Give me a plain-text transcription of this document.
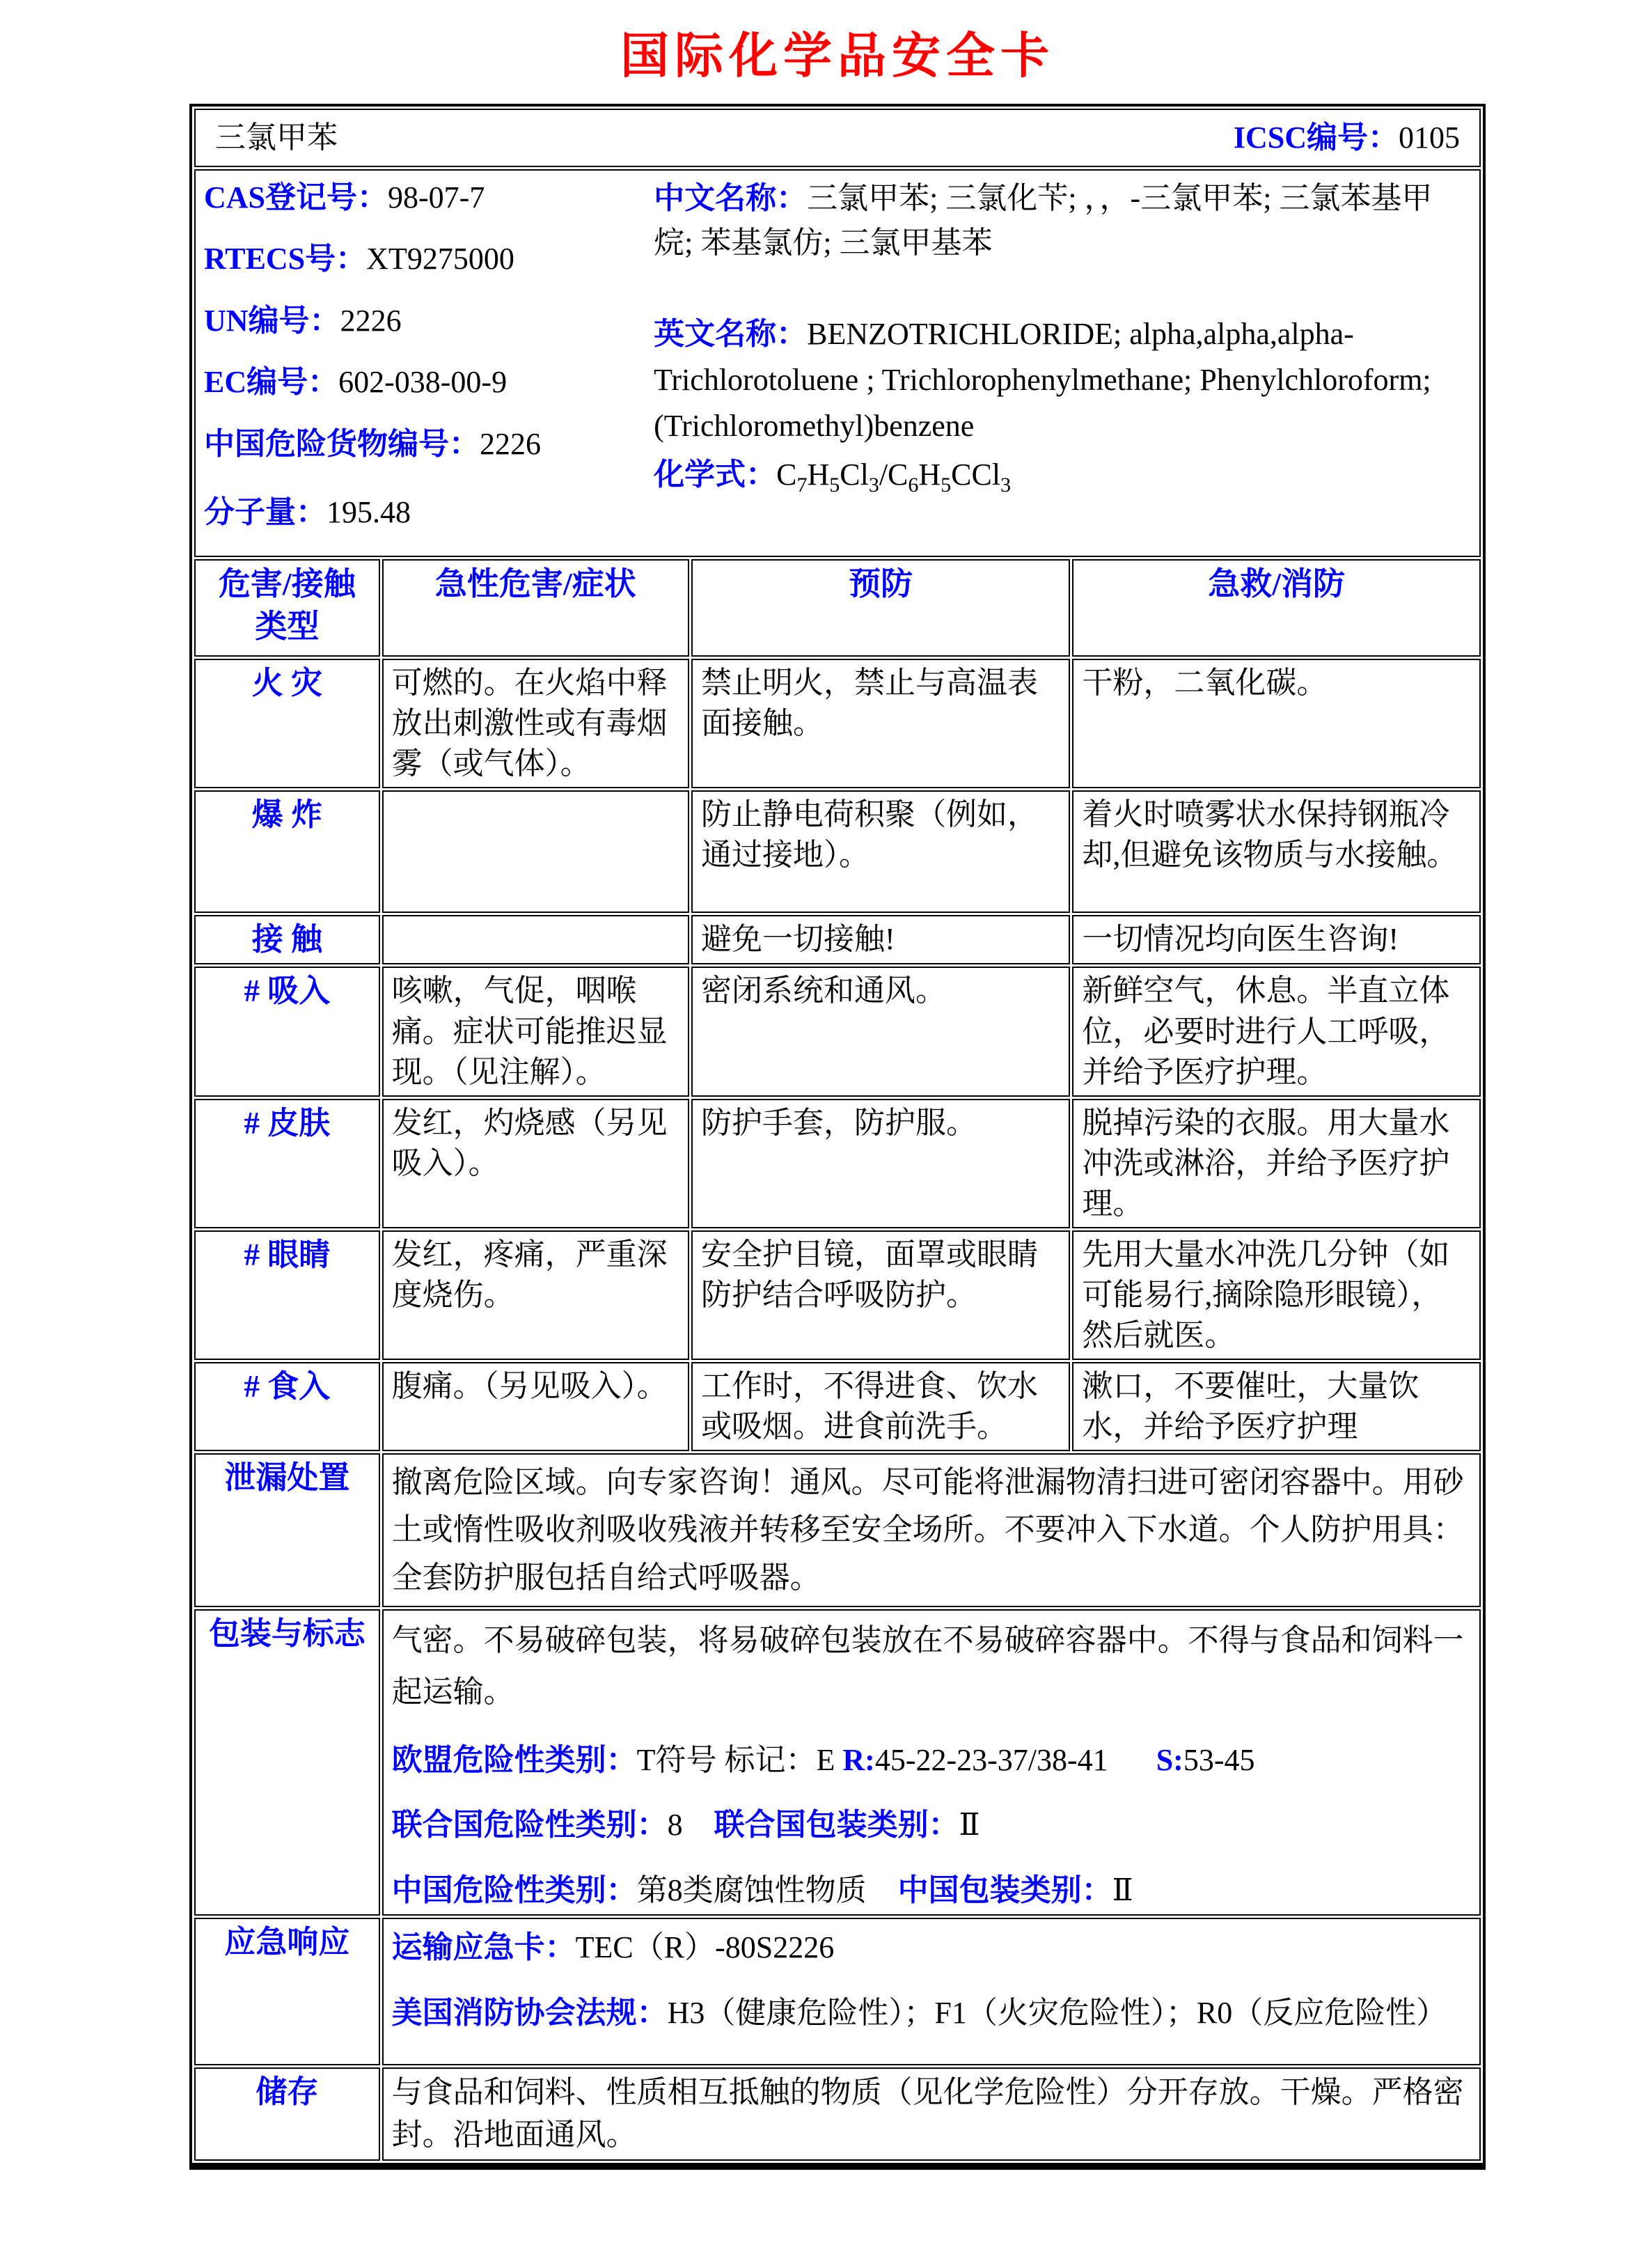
国际化学品安全卡
三氯甲苯 ICSC编号：0105			

CAS登记号：98-07-7

RTECS号：XT9275000

UN编号：2226

EC编号：602-038-00-9

中国危险货物编号：2226

分子量：195.48

中文名称：三氯甲苯; 三氯化苄; ，，-三氯甲苯; 三氯苯基甲烷; 苯基氯仿; 三氯甲基苯

英文名称：BENZOTRICHLORIDE; alpha,alpha,alpha-Trichlorotoluene ; Trichlorophenylmethane; Phenylchloroform; (Trichloromethyl)benzene

化学式：$C_7H_5Cl_3/C_6H_5CCl_3$

危害/接触类型	急性危害/症状	预防	急救/消防
火 灾	可燃的。在火焰中释放出刺激性或有毒烟雾（或气体）。	禁止明火，禁止与高温表面接触。	干粉，二氧化碳。
爆 炸		防止静电荷积聚（例如，通过接地）。	着火时喷雾状水保持钢瓶冷却,但避免该物质与水接触。
接 触		避免一切接触!	一切情况均向医生咨询!
# 吸入	咳嗽，气促，咽喉痛。症状可能推迟显现。（见注解）。	密闭系统和通风。	新鲜空气，休息。半直立体位，必要时进行人工呼吸，并给予医疗护理。
# 皮肤	发红，灼烧感（另见吸入）。	防护手套，防护服。	脱掉污染的衣服。用大量水冲洗或淋浴，并给予医疗护理。
# 眼睛	发红，疼痛，严重深度烧伤。	安全护目镜，面罩或眼睛防护结合呼吸防护。	先用大量水冲洗几分钟（如可能易行,摘除隐形眼镜），然后就医。
# 食入	腹痛。（另见吸入）。	工作时，不得进食、饮水或吸烟。进食前洗手。	漱口，不要催吐，大量饮水，并给予医疗护理
泄漏处置	撤离危险区域。向专家咨询！通风。尽可能将泄漏物清扫进可密闭容器中。用砂土或惰性吸收剂吸收残液并转移至安全场所。不要冲入下水道。个人防护用具：全套防护服包括自给式呼吸器。		

包装与标志	气密。不易破碎包装，将易破碎包装放在不易破碎容器中。不得与食品和饲料一起运输。

欧盟危险性类别：T符号 标记：E R:45-22-23-37/38-41 S:53-45

联合国危险性类别：8 联合国包装类别：Ⅱ

中国危险性类别：第8类腐蚀性物质 中国包装类别：Ⅱ		

应急响应	运输应急卡：TEC（R）-80S2226

美国消防协会法规：H3（健康危险性）；F1（火灾危险性）；R0（反应危险性）		

储存	与食品和饲料、性质相互抵触的物质（见化学危险性）分开存放。干燥。严格密封。沿地面通风。		
